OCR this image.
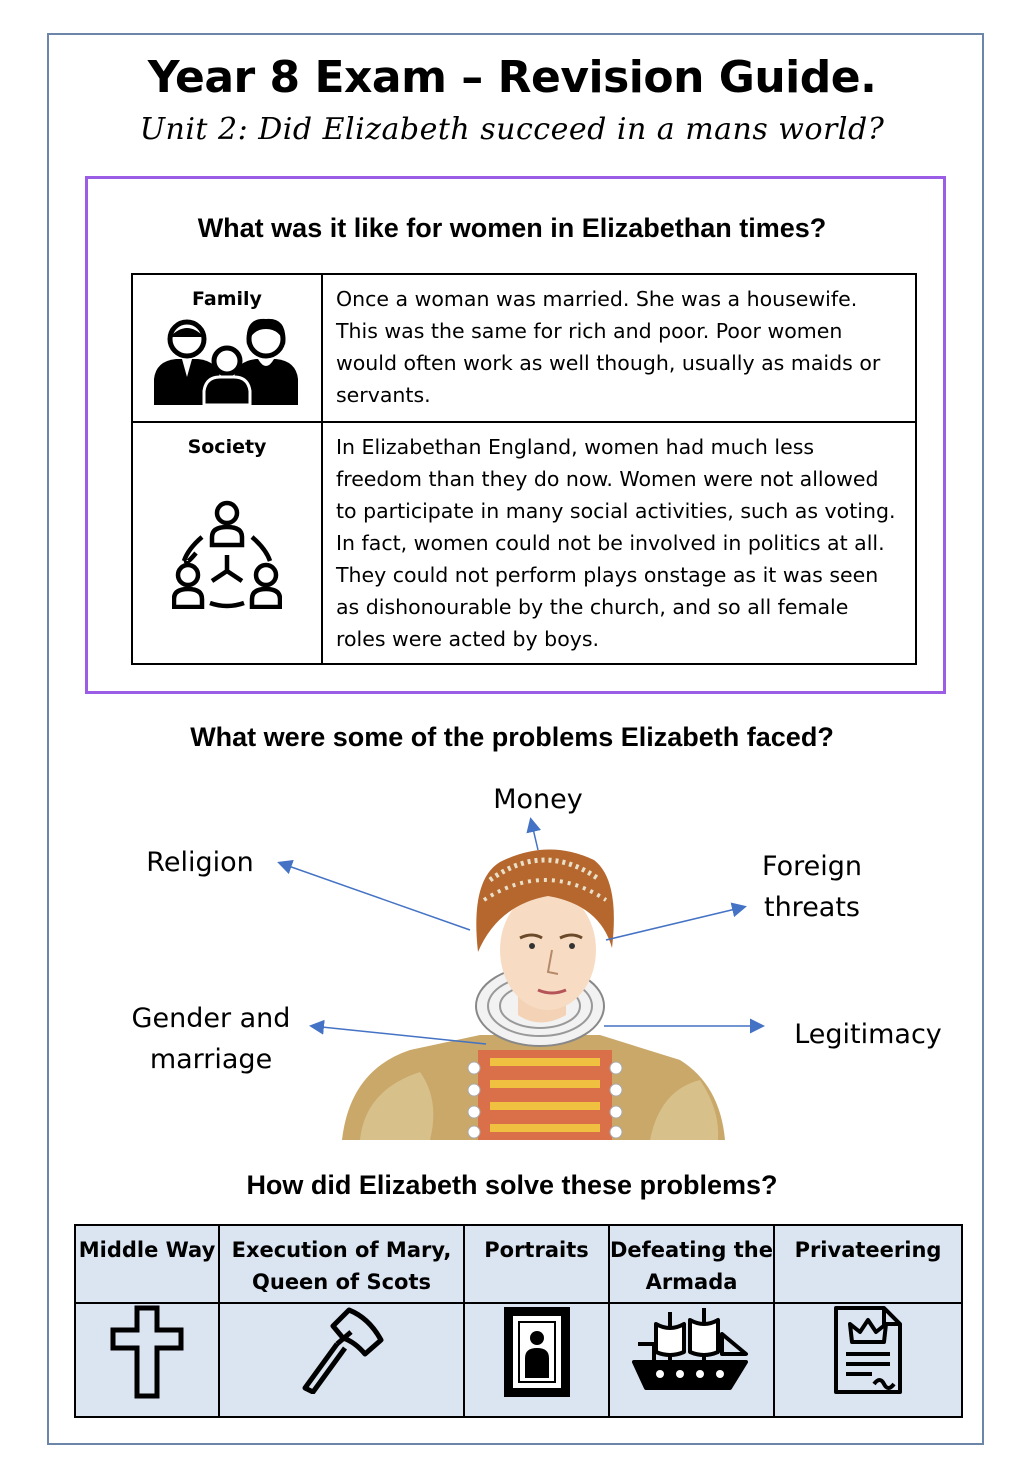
Year 8 Exam – Revision Guide.
Unit 2: Did Elizabeth succeed in a mans world?
What was it like for women in Elizabethan times?
Family	Once a woman was married. She was a housewife. This was the same for rich and poor. Poor women would often work as well though, usually as maids or servants.

Society	In Elizabethan England, women had much less freedom than they do now. Women were not allowed to participate in many social activities, such as voting. In fact, women could not be involved in politics at all. They could not perform plays onstage as it was seen as dishonourable by the church, and so all female roles were acted by boys.
What were some of the problems Elizabeth faced?
Money
Religion	Foreign threats
Gender and marriage
Legitimacy
How did Elizabeth solve these problems?
Middle Way	Execution of Mary, Queen of Scots	Portraits	Defeating the Armada	Privateering
